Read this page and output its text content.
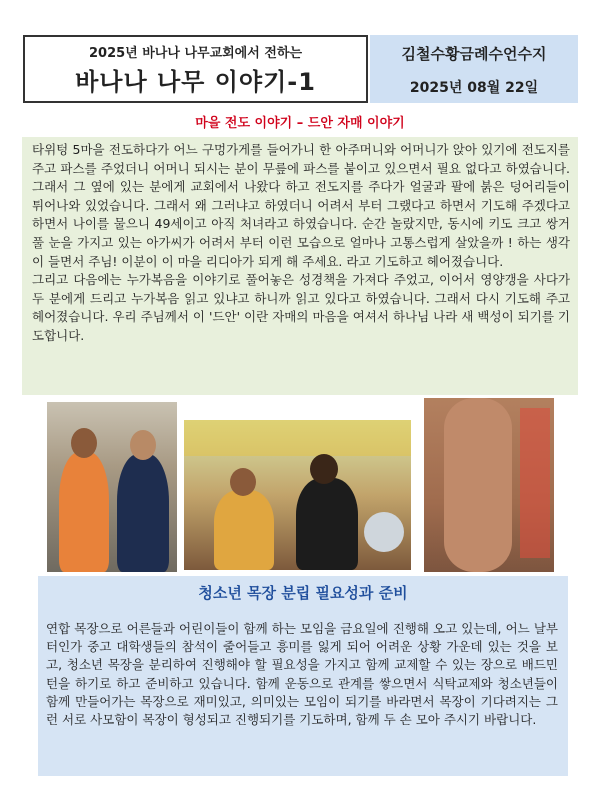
2025년 바나나 나무교회에서 전하는
바나나 나무 이야기-1
김철수황금례수언수지
2025년 08월 22일
마을 전도 이야기 – 드안 자매 이야기

타위텅 5마을 전도하다가 어느 구멍가게를 들어가니 한 아주머니와 어머니가 앉아 있기에 전도지를 주고 파스를 주었더니 어머니 되시는 분이 무릎에 파스를 붙이고 있으면서 필요 없다고 하였습니다. 그래서 그 옆에 있는 분에게 교회에서 나왔다 하고 전도지를 주다가 얼굴과 팔에 붉은 덩어리들이 튀어나와 있었습니다. 그래서 왜 그러냐고 하였더니 어려서 부터 그랬다고 하면서 기도해 주겠다고 하면서 나이를 물으니 49세이고 아직 처녀라고 하였습니다. 순간 놀랐지만, 동시에 키도 크고 쌍거풀 눈을 가지고 있는 아가씨가 어려서 부터 이런 모습으로 얼마나 고통스럽게 살았을까 ! 하는 생각이 들면서 주님! 이분이 이 마을 리디아가 되게 해 주세요. 라고 기도하고 헤어졌습니다.

그리고 다음에는 누가복음을 이야기로 풀어놓은 성경책을 가져다 주었고, 이어서 영양갱을 사다가 두 분에게 드리고 누가복음 읽고 있냐고 하니까 읽고 있다고 하였습니다. 그래서 다시 기도해 주고 헤어졌습니다. 우리 주님께서 이 '드안' 이란 자매의 마음을 여셔서 하나님 나라 새 백성이 되기를 기도합니다.

청소년 목장 분립 필요성과 준비

연합 목장으로 어른들과 어린이들이 함께 하는 모임을 금요일에 진행해 오고 있는데, 어느 날부터인가 중고 대학생들의 참석이 줄어들고 흥미를 잃게 되어 어려운 상황 가운데 있는 것을 보고, 청소년 목장을 분리하여 진행해야 할 필요성을 가지고 함께 교제할 수 있는 장으로 배드민턴을 하기로 하고 준비하고 있습니다. 함께 운동으로 관계를 쌓으면서 식탁교제와 청소년들이 함께 만들어가는 목장으로 재미있고, 의미있는 모임이 되기를 바라면서 목장이 기다려지는 그런 서로 사모함이 목장이 형성되고 진행되기를 기도하며, 함께 두 손 모아 주시기 바랍니다.
